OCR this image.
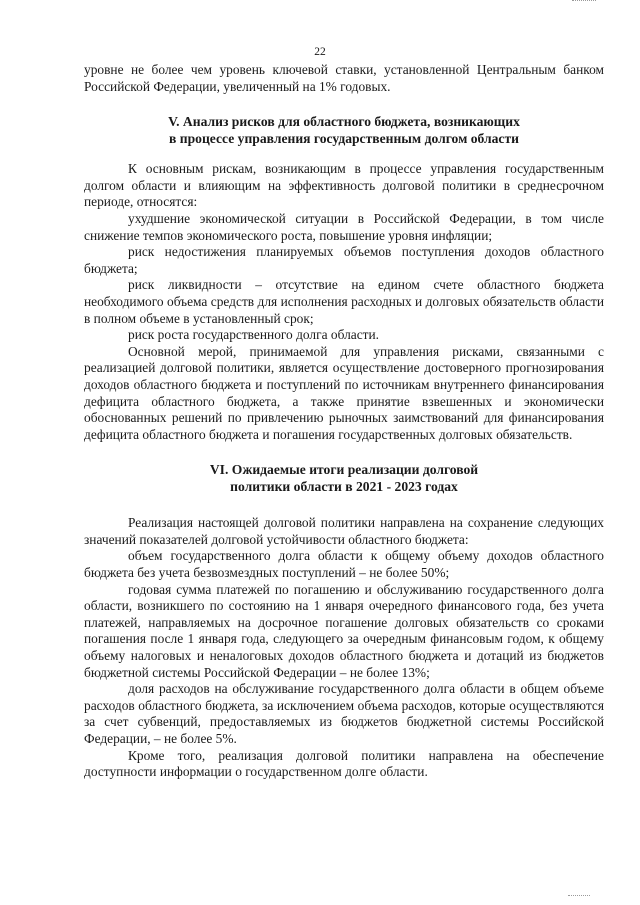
22

уровне не более чем уровень ключевой ставки, установленной Центральным банком Российской Федерации, увеличенный на 1% годовых.

V. Анализ рисков для областного бюджета, возникающих

в процессе управления государственным долгом области

К основным рискам, возникающим в процессе управления государственным долгом области и влияющим на эффективность долговой политики в среднесрочном периоде, относятся:

ухудшение экономической ситуации в Российской Федерации, в том числе снижение темпов экономического роста, повышение уровня инфляции;

риск недостижения планируемых объемов поступления доходов областного бюджета;

риск ликвидности – отсутствие на едином счете областного бюджета необходимого объема средств для исполнения расходных и долговых обязательств области в полном объеме в установленный срок;

риск роста государственного долга области.

Основной мерой, принимаемой для управления рисками, связанными с реализацией долговой политики, является осуществление достоверного прогнозирования доходов областного бюджета и поступлений по источникам внутреннего финансирования дефицита областного бюджета, а также принятие взвешенных и экономически обоснованных решений по привлечению рыночных заимствований для финансирования дефицита областного бюджета и погашения государственных долговых обязательств.

VI. Ожидаемые итоги реализации долговой

политики области в 2021 - 2023 годах

Реализация настоящей долговой политики направлена на сохранение следующих значений показателей долговой устойчивости областного бюджета:

объем государственного долга области к общему объему доходов областного бюджета без учета безвозмездных поступлений – не более 50%;

годовая сумма платежей по погашению и обслуживанию государственного долга области, возникшего по состоянию на 1 января очередного финансового года, без учета платежей, направляемых на досрочное погашение долговых обязательств со сроками погашения после 1 января года, следующего за очередным финансовым годом, к общему объему налоговых и неналоговых доходов областного бюджета и дотаций из бюджетов бюджетной системы Российской Федерации – не более 13%;

доля расходов на обслуживание государственного долга области в общем объеме расходов областного бюджета, за исключением объема расходов, которые осуществляются за счет субвенций, предоставляемых из бюджетов бюджетной системы Российской Федерации, – не более 5%.

Кроме того, реализация долговой политики направлена на обеспечение доступности информации о государственном долге области.
